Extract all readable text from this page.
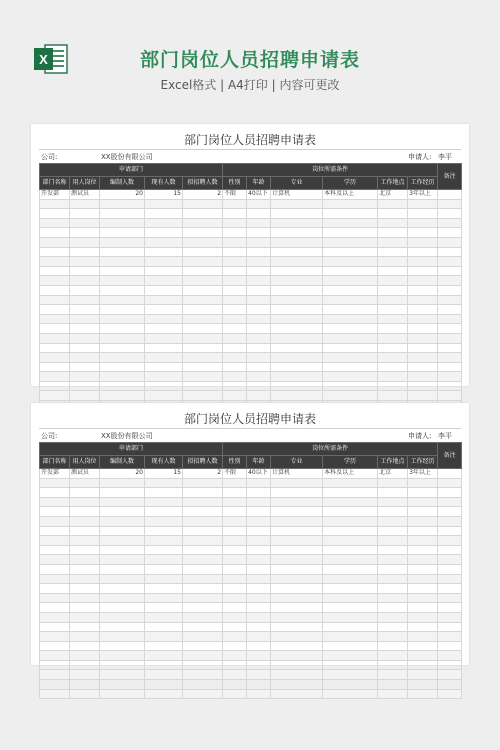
X	部门岗位人员招聘申请表
Excel格式 | A4打印 | 内容可更改
部门岗位人员招聘申请表
公司:	XX股份有限公司	申请人: 李平
申请部门					岗位所需条件						备注
部门名称	用人岗位	编制人数	现有人数	拟招聘人数	性别	年龄	专业	学历	工作地点	工作经历	
开发部	测试员	20	15	2	不限	40以下	计算机	本科及以上	北京	3年以上	

部门岗位人员招聘申请表
公司:	XX股份有限公司	申请人: 李平
申请部门					岗位所需条件						备注
部门名称	用人岗位	编制人数	现有人数	拟招聘人数	性别	年龄	专业	学历	工作地点	工作经历	
开发部	测试员	20	15	2	不限	40以下	计算机	本科及以上	北京	3年以上	
